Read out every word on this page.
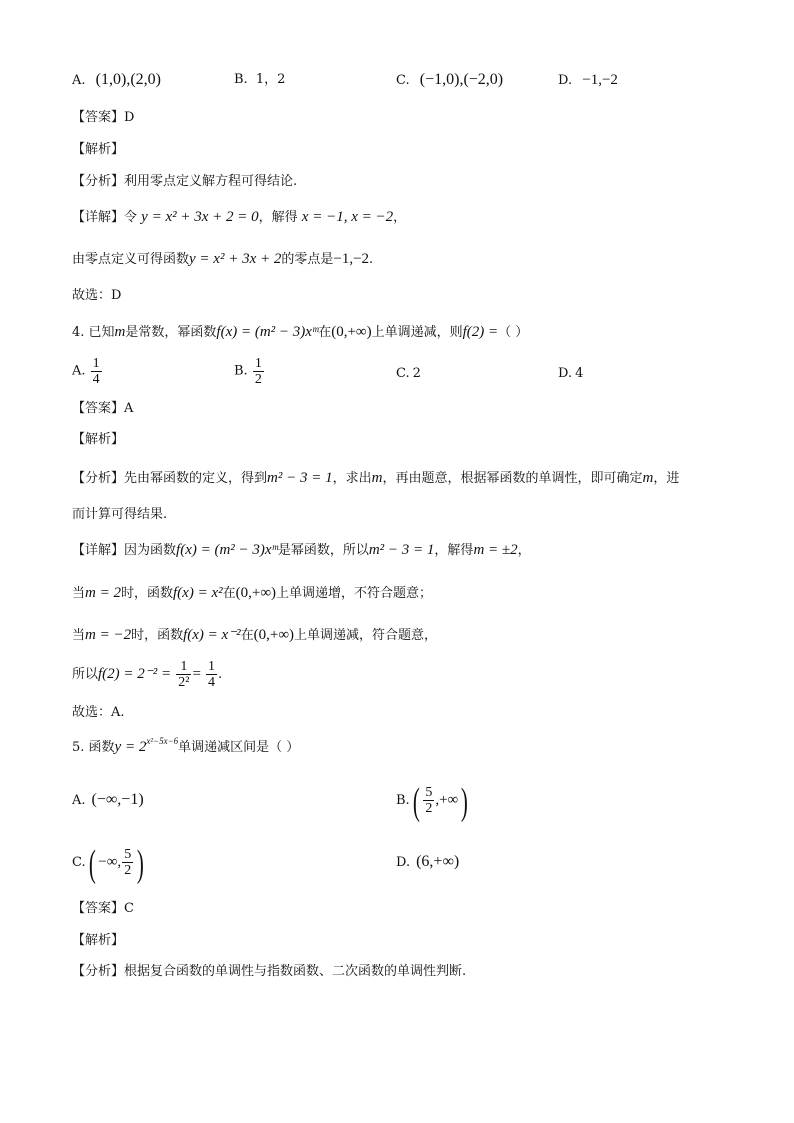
A. (1,0),(2,0)	B. 1，2	C. (−1,0),(−2,0)	D. −1,−2
【答案】D
【解析】
【分析】利用零点定义解方程可得结论.
【详解】令 y = x² + 3x + 2 = 0，解得 x = −1, x = −2，
由零点定义可得函数y = x² + 3x + 2的零点是−1,−2.
故选：D
4. 已知m是常数，幂函数f(x) = (m² − 3)xᵐ在(0,+∞)上单调递减，则f(2) =（ ）
A. $\frac{1}{4}$	B. $\frac{1}{2}$	C. 2	D. 4
【答案】A
【解析】
【分析】先由幂函数的定义，得到m² − 3 = 1，求出m，再由题意，根据幂函数的单调性，即可确定m，进
而计算可得结果.
【详解】因为函数f(x) = (m² − 3)xᵐ是幂函数，所以m² − 3 = 1，解得m = ±2，
当m = 2时，函数f(x) = x²在(0,+∞)上单调递增，不符合题意；
当m = −2时，函数f(x) = x⁻²在(0,+∞)上单调递减，符合题意，
所以$f(2) = 2^{-2} = \frac{1}{\text{2²}} = \frac{1}{4}$ .
故选：A.
5. 函数$y = 2^{x^2-5x-6}$单调递减区间是（ ）
A. (−∞,−1)	$B.( \frac{5}{2}$ ,+∞)
C.( −∞, $\frac{5}{2}$ )	D. (6,+∞)
【答案】C
【解析】
【分析】根据复合函数的单调性与指数函数、二次函数的单调性判断.
